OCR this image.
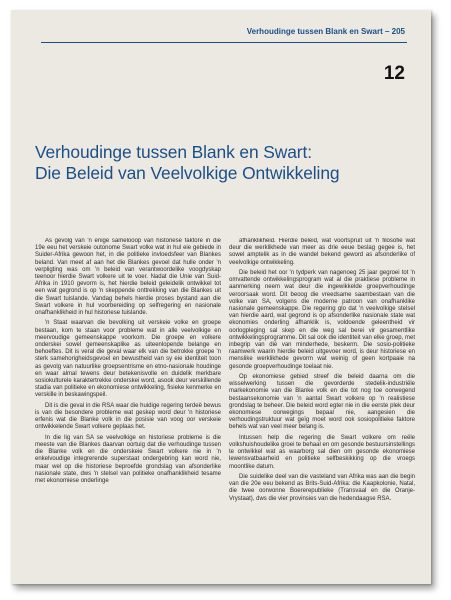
Verhoudinge tussen Blank en Swart – 205
12
Verhoudinge tussen Blank en Swart:
Die Beleid van Veelvolkige Ontwikkeling

As gevolg van 'n enige samelooop van historiese faktore in die 19e eeu het verskeie outonome Swart volke wat in hul eie gebiede in Suider-Afrika gewoon het, in die politieke invloedsfeer van Blankes beland. Van meet af aan het die Blankes gevoel dat hulle onder 'n verpligting was om 'n beleid van verantwoordelike voogdyskap teenoor hierdie Swart volkere uit te voer. Nadat die Unie van Suid-Afrika in 1910 gevorm is, het hierdie beleid geleidelik ontwikkel tot een wat gegrond is op 'n skeppende onttrekking van die Blankes uit die Swart tuislande. Vandag behels hierdie proses bystand aan die Swart volkere in hul voorbereiding op selfregering en nasionale onafhanklikheid in hul historiese tuislande.

'n Staat waarvan die bevolking uit verskeie volke en groepe bestaan, kom te staan voor probleme wat in alle veelvolkige en meervoudige gemeenskappe voorkom. Die groepe en volkere onderskei sowel gemeenskaplike as uiteenlopende belange en behoeftes. Dit is veral die geval waar elk van die betrokke groepe 'n sterk samehorigheidsgevoel en bewustheid van sy eie identiteit toon as gevolg van natuurlike groepsentrisme en etno-nasionale houdinge en waar almal tewens deur betekenisvolle en duidelik merkbare sosiokulturele karaktertrekke onderskei word, asook deur verskillende stadia van politieke en ekonomiese ontwikkeling, fisieke kenmerke en verskille in beskawingspeil.

Dit is die geval in die RSA waar die huidige regering terdeë bewus is van die besondere probleme wat geskep word deur 'n historiese erfenis wat die Blanke volk in die posisie van voog oor verskeie ontwikkelende Swart volkere geplaas het.

In die lig van SA se veelvolkige en historiese probleme is die meeste van die Blankes daarvan oortuig dat die verhoudinge tussen die Blanke volk en die onderskeie Swart volkere nie in 'n enkelvoudige integrerende superstaat ondergebring kan word nie, maar wel op die historiese beproefde grondslag van afsonderlike nasionale state, dws 'n stelsel van politieke onafhanklikheid tesame met ekonomiese onderlinge

afhanklikheid. Hierdie beleid, wat voortspruit uit 'n filosofie wat deur die werklikhede van meer as drie eeue beslag gegee is, het sowel amptelik as in die wandel bekend geword as afsonderlike of veelvolkige ontwikkeling.

Die beleid het oor 'n tydperk van nagenoeg 25 jaar gegroei tot 'n omvattende ontwikkelingsprogram wat al die praktiese probleme in aanmerking neem wat deur die ingewikkelde groepverhoudinge veroorsaak word. Dit beoog die vreedsame saambestaan van die volke van SA, volgens die moderne patroon van onafhanklike nasionale gemeenskappe. Die regering glo dat 'n veelvolkige stelsel van hierdie aard, wat gegrond is op afsonderlike nasionale state wat ekonomies onderling afhanklik is, voldoende geleentheid vir oorlogpleging sal skep en die weg sal berei vir gesamentlike ontwikkelingsprogramme. Dit sal ook die identiteit van elke groep, met inbegrip van dié van minderhede, beskerm. Die sosio-politieke raamwerk waarin hierdie beleid uitgevoer word, is deur historiese en menslike werklikhede gevorm wat weinig of geen kortpaaie na gesonde groepverhoudinge toelaat nie.

Op ekonomiese gebied streef die beleid daarna om die wisselwerking tussen die gevorderde stedelik-industriële markekonomie van die Blanke volk en die tot nog toe oorwegend bestaansekonomie van 'n aantal Swart volkere op 'n realistiese grondslag te beheer. Die beleid word egter nie in die eerste plek deur ekonomiese oorwegings bepaal nie, aangesien die verhoudingstruktuur wat geïg moet word ook sosiopolitieke faktore behels wat van veel meer belang is.

Intussen help die regering die Swart volkere om reële volkshuishoudelike groei te behaal en om gesonde bestuursinstellings te ontwikkel wat as waarborg sal dien om gesonde ekonomiese lewensvatbaarheid en politieke selfbeskikking op die vroegs moontlike datum.

Die suidelike deel van die vasteland van Afrika was aan die begin van die 20e eeu bekend as Brits-Suid-Afrika: die Kaapkolonie, Natal, die twee oorwonne Boererepublieke (Transvaal en die Oranje-Vrystaat), dws die vier provinsies van die hedendaagse RSA.
